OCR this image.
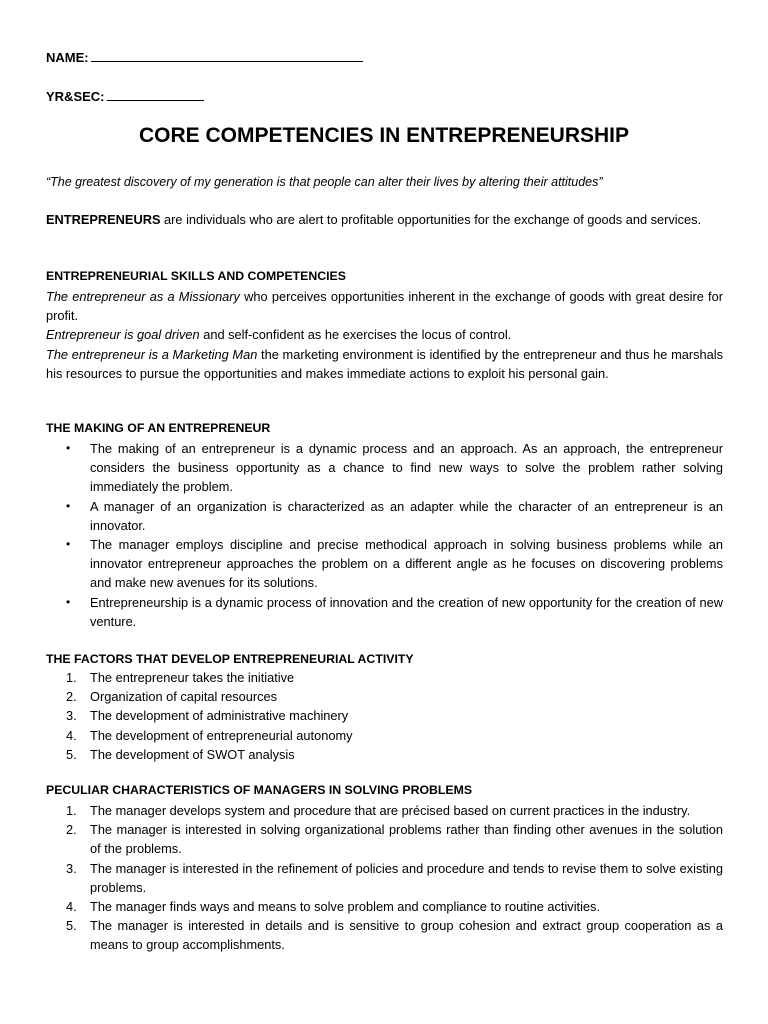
NAME:
YR&SEC:
CORE COMPETENCIES IN ENTREPRENEURSHIP
“The greatest discovery of my generation is that people can alter their lives by altering their attitudes”
ENTREPRENEURS are individuals who are alert to profitable opportunities for the exchange of goods and services.
ENTREPRENEURIAL SKILLS AND COMPETENCIES
The entrepreneur as a Missionary who perceives opportunities inherent in the exchange of goods with great desire for profit.
Entrepreneur is goal driven and self-confident as he exercises the locus of control.
The entrepreneur is a Marketing Man the marketing environment is identified by the entrepreneur and thus he marshals his resources to pursue the opportunities and makes immediate actions to exploit his personal gain.
THE MAKING OF AN ENTREPRENEUR
• The making of an entrepreneur is a dynamic process and an approach. As an approach, the entrepreneur considers the business opportunity as a chance to find new ways to solve the problem rather solving immediately the problem.
• A manager of an organization is characterized as an adapter while the character of an entrepreneur is an innovator.
• The manager employs discipline and precise methodical approach in solving business problems while an innovator entrepreneur approaches the problem on a different angle as he focuses on discovering problems and make new avenues for its solutions.
• Entrepreneurship is a dynamic process of innovation and the creation of new opportunity for the creation of new venture.
THE FACTORS THAT DEVELOP ENTREPRENEURIAL ACTIVITY
1. The entrepreneur takes the initiative
2. Organization of capital resources
3. The development of administrative machinery
4. The development of entrepreneurial autonomy
5. The development of SWOT analysis
PECULIAR CHARACTERISTICS OF MANAGERS IN SOLVING PROBLEMS
1. The manager develops system and procedure that are précised based on current practices in the industry.
2. The manager is interested in solving organizational problems rather than finding other avenues in the solution of the problems.
3. The manager is interested in the refinement of policies and procedure and tends to revise them to solve existing problems.
4. The manager finds ways and means to solve problem and compliance to routine activities.
5. The manager is interested in details and is sensitive to group cohesion and extract group cooperation as a means to group accomplishments.
